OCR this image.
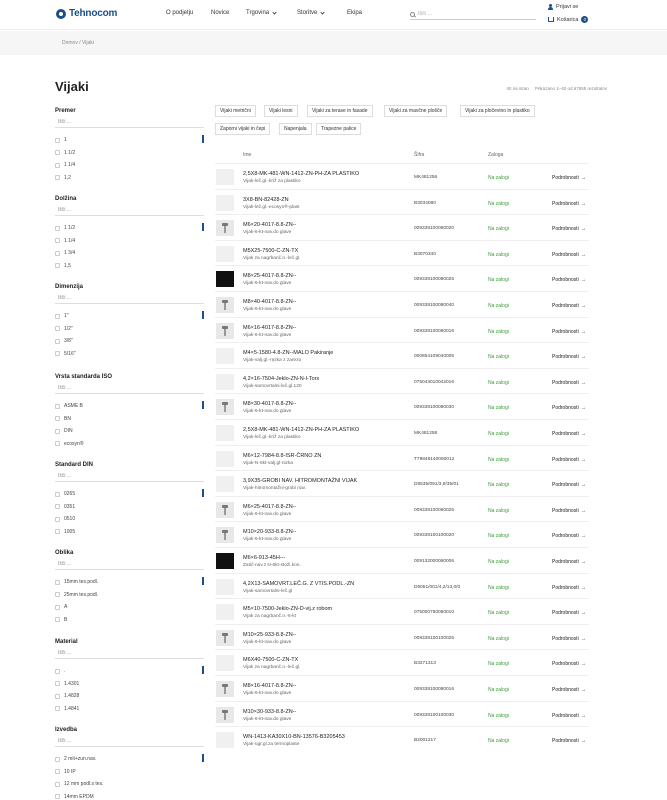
Tehnocom	O podjetju	Novice	Trgovina	Storitve	Ekipa	Išči ...
Prijavi se
Košarica	0
Domov / Vijaki
Vijaki	40 na stran Prikazano 1–40 od 67655 rezultatov
Premer
Išči ...
1
1 1/2
1 1/4
1,2
Dolžina
Išči ...
1 1/2
1 1/4
1 3/4
1,5
Dimenzija
Išči ...
1"
1/2"
3/8"
5/16"
Vrsta standarda ISO
Išči ...
ASME B
BN
DIN
ecosyn®
Standard DIN
Išči ...
0265
0351
0510
1005
Oblika
Išči ...
15mm tes.podl.
25mm tes.podl.
A
B
Material
Išči ...
.
1.4301
1.4828
1.4841
Izvedba
Išči ...
2 mit+zun.nav.
10 IP
12 mm podl.s tes.
14mm EPDM
Vijaki metrični	Vijaki lesni	Vijaki za terase in fasade	Vijaki za mavčne plošče	Vijaki za pločevino in plastiko
Zaporni vijaki in čepi	Napenjala	Trapezne palice
Ime	Šifra	Zaloga
2,5X8-MK-481-WN-1412-ZN-PH-ZA PLASTIKO
Vijak-leč.gl.-križ za plastiko
MK481256	Na zalogi	Podrobnosti →
3X8-BN-82428-ZN
Vijak-leč.gl.-ecosyn®-plast
B3034080	Na zalogi	Podrobnosti →
M6×20-4017-8.8-ZN--
Vijak-6-kt-nav.do glave
009338100060020	Na zalogi	Podrobnosti →
M5X25-7500-C-ZN-TX
Vijak za nagrbanč.n.-leč.gl.
B3070340	Na zalogi	Podrobnosti →
M8×25-4017-8.8-ZN--
Vijak-6-kt-nav.do glave
009338100080025	Na zalogi	Podrobnosti →
M8×40-4017-8.8-ZN--
Vijak-6-kt-nav.do glave
009338100080040	Na zalogi	Podrobnosti →
M6×16-4017-8.8-ZN--
Vijak-6-kt-nav.do glave
009338100060016	Na zalogi	Podrobnosti →
M4×5-1580-4.8-ZN--MALO Pakiranje
Vijak-valj.gl.-ręzka z zarezo
000854109040005	Na zalogi	Podrobnosti →
4,2×16-7504-Jeklo-ZN-N-I-Torx
Vijak-samovrtalni-leč.gl.120
075043010042016	Na zalogi	Podrobnosti →
M8×30-4017-8.8-ZN--
Vijak-6-kt-nav.do glave
009338100080030	Na zalogi	Podrobnosti →
2,5X8-MK-481-WN-1412-ZN-PH-ZA PLASTIKO
Vijak-leč.gl.-križ za plastiko
MK481258	Na zalogi	Podrobnosti →
M6×12-7984-8.8-ISR-ČRNO ZN
Vijak-N-6kt-valj.gl-nizka
T79848140060012	Na zalogi	Podrobnosti →
3,9X35-GROBI NAV. HITROMONTAŽNI VIJAK
Vijak-hitromontažni-grobi nav.
D6535/091/3,9/35/01	Na zalogi	Podrobnosti →
M6×25-4017-8.8-ZN--
Vijak-6-kt-nav.do glave
009338100060025	Na zalogi	Podrobnosti →
M10×20-933-8.8-ZN--
Vijak-6-kt-nav.do glave
009338100100020	Na zalogi	Podrobnosti →
M6×6-913-45H---
Zatič-nav.z N-6kt-stoži.kon.
009132000060006	Na zalogi	Podrobnosti →
4,2X13-SAMOVRT.LEČ.G. Z VTIS.PODL.-ZN
Vijak-samovrtalni-leč.gl
D6051/001/4,2/13,0/0	Na zalogi	Podrobnosti →
M5×10-7500-Jeklo-ZN-D-vij.z robom
Vijak za nagrbanč.n.-6-kt
075000750050010	Na zalogi	Podrobnosti →
M10×25-933-8.8-ZN--
Vijak-6-kt-nav.do glave
009338100100025	Na zalogi	Podrobnosti →
M6X40-7500-C-ZN-TX
Vijak za nagrbanč.n.-leč.gl.
B3271313	Na zalogi	Podrobnosti →
M8×16-4017-8.8-ZN--
Vijak-6-kt-nav.do glave
009338100080016	Na zalogi	Podrobnosti →
M10×30-933-8.8-ZN--
Vijak-6-kt-nav.do glave
009338100100030	Na zalogi	Podrobnosti →
WN-1413-KA30X10-BN-13576-B3205453
Vijak-ugr.gl.za termoplaste
B2001217	Na zalogi	Podrobnosti →
